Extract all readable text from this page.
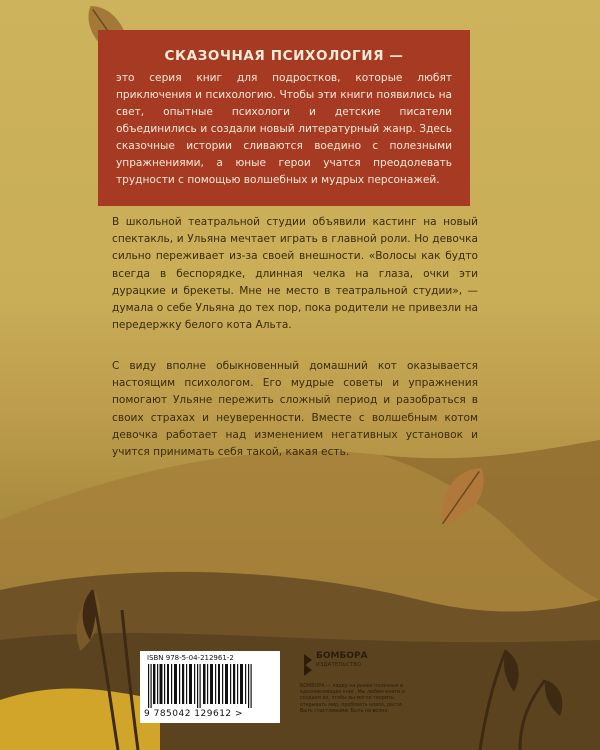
СКАЗОЧНАЯ ПСИХОЛОГИЯ —

это серия книг для подростков, которые любят приключения и психологию. Чтобы эти книги появились на свет, опытные психологи и детские писатели объединились и создали новый литературный жанр. Здесь сказочные истории сливаются воедино с полезными упражнениями, а юные герои учатся преодолевать трудности с помощью волшебных и мудрых персонажей.

В школьной театральной студии объявили кастинг на новый спектакль, и Ульяна мечтает играть в главной роли. Но девочка сильно переживает из-за своей внешности. «Волосы как будто всегда в беспорядке, длинная челка на глаза, очки эти дурацкие и брекеты. Мне не место в театральной студии», — думала о себе Ульяна до тех пор, пока родители не привезли на передержку белого кота Альта.

С виду вполне обыкновенный домашний кот оказывается настоящим психологом. Его мудрые советы и упражнения помогают Ульяне пережить сложный период и разобраться в своих страхах и неуверенности. Вместе с волшебным котом девочка работает над изменением негативных установок и учится принимать себя такой, какая есть.

ISBN 978-5-04-212961-2
9 785042 129612 >
БОМБОРА
ИЗДАТЕЛЬСТВО

БОМБОРА — лидер на рынке полезных и вдохновляющих книг. Мы любим книги и создаем их, чтобы вы могли творить, открывать мир, пробовать новое, расти. Быть счастливыми. Быть на волне.
